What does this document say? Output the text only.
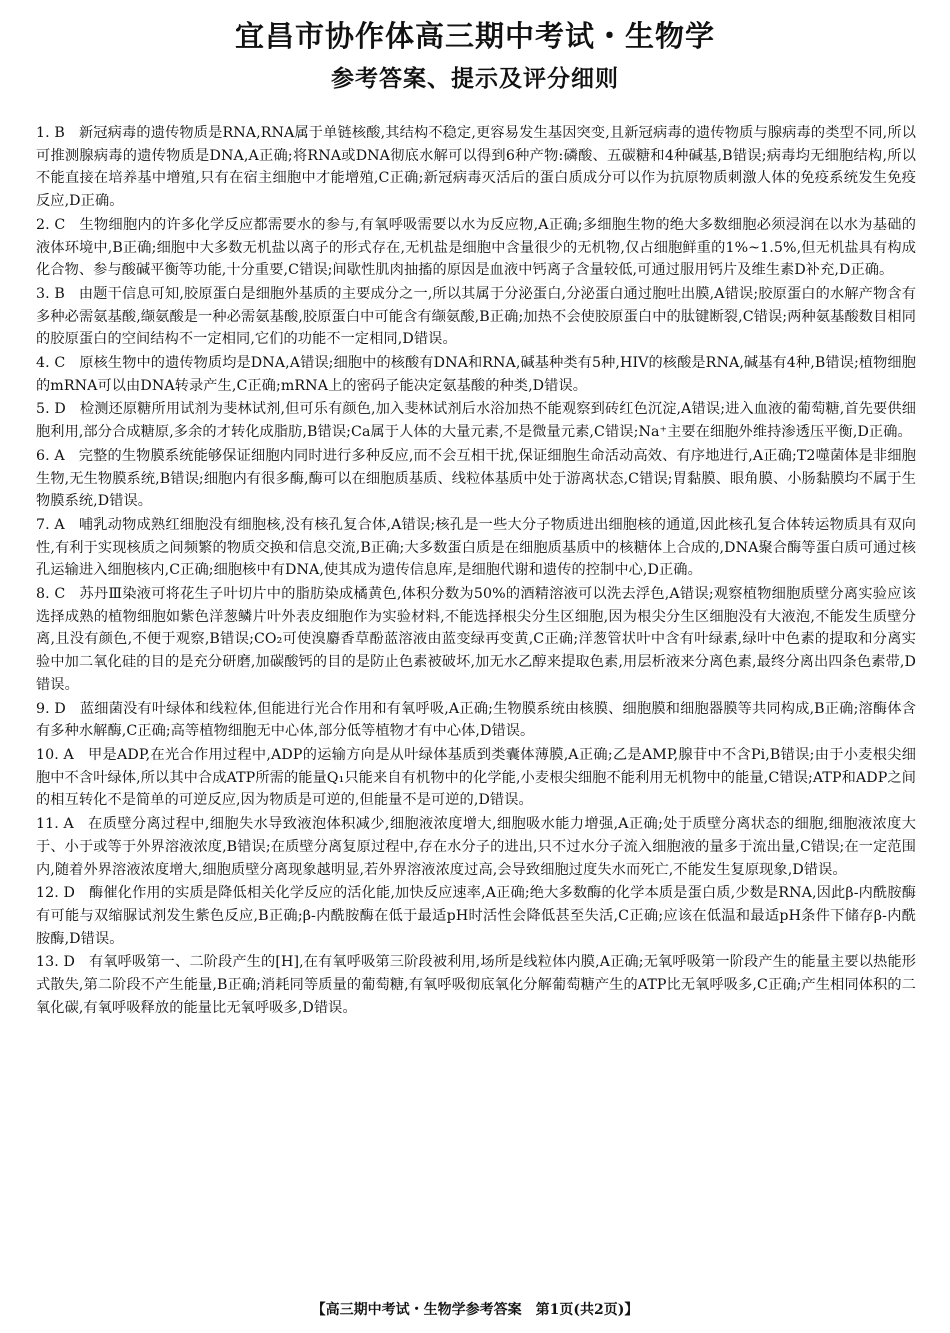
宜昌市协作体高三期中考试・生物学
参考答案、提示及评分细则

1. B 新冠病毒的遗传物质是RNA,RNA属于单链核酸,其结构不稳定,更容易发生基因突变,且新冠病毒的遗传物质与腺病毒的类型不同,所以可推测腺病毒的遗传物质是DNA,A正确;将RNA或DNA彻底水解可以得到6种产物:磷酸、五碳糖和4种碱基,B错误;病毒均无细胞结构,所以不能直接在培养基中增殖,只有在宿主细胞中才能增殖,C正确;新冠病毒灭活后的蛋白质成分可以作为抗原物质刺激人体的免疫系统发生免疫反应,D正确。

2. C 生物细胞内的许多化学反应都需要水的参与,有氧呼吸需要以水为反应物,A正确;多细胞生物的绝大多数细胞必须浸润在以水为基础的液体环境中,B正确;细胞中大多数无机盐以离子的形式存在,无机盐是细胞中含量很少的无机物,仅占细胞鲜重的1%~1.5%,但无机盐具有构成化合物、参与酸碱平衡等功能,十分重要,C错误;间歇性肌肉抽搐的原因是血液中钙离子含量较低,可通过服用钙片及维生素D补充,D正确。

3. B 由题干信息可知,胶原蛋白是细胞外基质的主要成分之一,所以其属于分泌蛋白,分泌蛋白通过胞吐出膜,A错误;胶原蛋白的水解产物含有多种必需氨基酸,缬氨酸是一种必需氨基酸,胶原蛋白中可能含有缬氨酸,B正确;加热不会使胶原蛋白中的肽键断裂,C错误;两种氨基酸数目相同的胶原蛋白的空间结构不一定相同,它们的功能不一定相同,D错误。

4. C 原核生物中的遗传物质均是DNA,A错误;细胞中的核酸有DNA和RNA,碱基种类有5种,HIV的核酸是RNA,碱基有4种,B错误;植物细胞的mRNA可以由DNA转录产生,C正确;mRNA上的密码子能决定氨基酸的种类,D错误。

5. D 检测还原糖所用试剂为斐林试剂,但可乐有颜色,加入斐林试剂后水浴加热不能观察到砖红色沉淀,A错误;进入血液的葡萄糖,首先要供细胞利用,部分合成糖原,多余的才转化成脂肪,B错误;Ca属于人体的大量元素,不是微量元素,C错误;Na⁺主要在细胞外维持渗透压平衡,D正确。

6. A 完整的生物膜系统能够保证细胞内同时进行多种反应,而不会互相干扰,保证细胞生命活动高效、有序地进行,A正确;T2噬菌体是非细胞生物,无生物膜系统,B错误;细胞内有很多酶,酶可以在细胞质基质、线粒体基质中处于游离状态,C错误;胃黏膜、眼角膜、小肠黏膜均不属于生物膜系统,D错误。

7. A 哺乳动物成熟红细胞没有细胞核,没有核孔复合体,A错误;核孔是一些大分子物质进出细胞核的通道,因此核孔复合体转运物质具有双向性,有利于实现核质之间频繁的物质交换和信息交流,B正确;大多数蛋白质是在细胞质基质中的核糖体上合成的,DNA聚合酶等蛋白质可通过核孔运输进入细胞核内,C正确;细胞核中有DNA,使其成为遗传信息库,是细胞代谢和遗传的控制中心,D正确。

8. C 苏丹Ⅲ染液可将花生子叶切片中的脂肪染成橘黄色,体积分数为50%的酒精溶液可以洗去浮色,A错误;观察植物细胞质壁分离实验应该选择成熟的植物细胞如紫色洋葱鳞片叶外表皮细胞作为实验材料,不能选择根尖分生区细胞,因为根尖分生区细胞没有大液泡,不能发生质壁分离,且没有颜色,不便于观察,B错误;CO₂可使溴麝香草酚蓝溶液由蓝变绿再变黄,C正确;洋葱管状叶中含有叶绿素,绿叶中色素的提取和分离实验中加二氧化硅的目的是充分研磨,加碳酸钙的目的是防止色素被破坏,加无水乙醇来提取色素,用层析液来分离色素,最终分离出四条色素带,D错误。

9. D 蓝细菌没有叶绿体和线粒体,但能进行光合作用和有氧呼吸,A正确;生物膜系统由核膜、细胞膜和细胞器膜等共同构成,B正确;溶酶体含有多种水解酶,C正确;高等植物细胞无中心体,部分低等植物才有中心体,D错误。

10. A 甲是ADP,在光合作用过程中,ADP的运输方向是从叶绿体基质到类囊体薄膜,A正确;乙是AMP,腺苷中不含Pi,B错误;由于小麦根尖细胞中不含叶绿体,所以其中合成ATP所需的能量Q₁只能来自有机物中的化学能,小麦根尖细胞不能利用无机物中的能量,C错误;ATP和ADP之间的相互转化不是简单的可逆反应,因为物质是可逆的,但能量不是可逆的,D错误。

11. A 在质壁分离过程中,细胞失水导致液泡体积减少,细胞液浓度增大,细胞吸水能力增强,A正确;处于质壁分离状态的细胞,细胞液浓度大于、小于或等于外界溶液浓度,B错误;在质壁分离复原过程中,存在水分子的进出,只不过水分子流入细胞液的量多于流出量,C错误;在一定范围内,随着外界溶液浓度增大,细胞质壁分离现象越明显,若外界溶液浓度过高,会导致细胞过度失水而死亡,不能发生复原现象,D错误。

12. D 酶催化作用的实质是降低相关化学反应的活化能,加快反应速率,A正确;绝大多数酶的化学本质是蛋白质,少数是RNA,因此β-内酰胺酶有可能与双缩脲试剂发生紫色反应,B正确;β-内酰胺酶在低于最适pH时活性会降低甚至失活,C正确;应该在低温和最适pH条件下储存β-内酰胺酶,D错误。

13. D 有氧呼吸第一、二阶段产生的[H],在有氧呼吸第三阶段被利用,场所是线粒体内膜,A正确;无氧呼吸第一阶段产生的能量主要以热能形式散失,第二阶段不产生能量,B正确;消耗同等质量的葡萄糖,有氧呼吸彻底氧化分解葡萄糖产生的ATP比无氧呼吸多,C正确;产生相同体积的二氧化碳,有氧呼吸释放的能量比无氧呼吸多,D错误。

【高三期中考试・生物学参考答案　第1页(共2页)】
